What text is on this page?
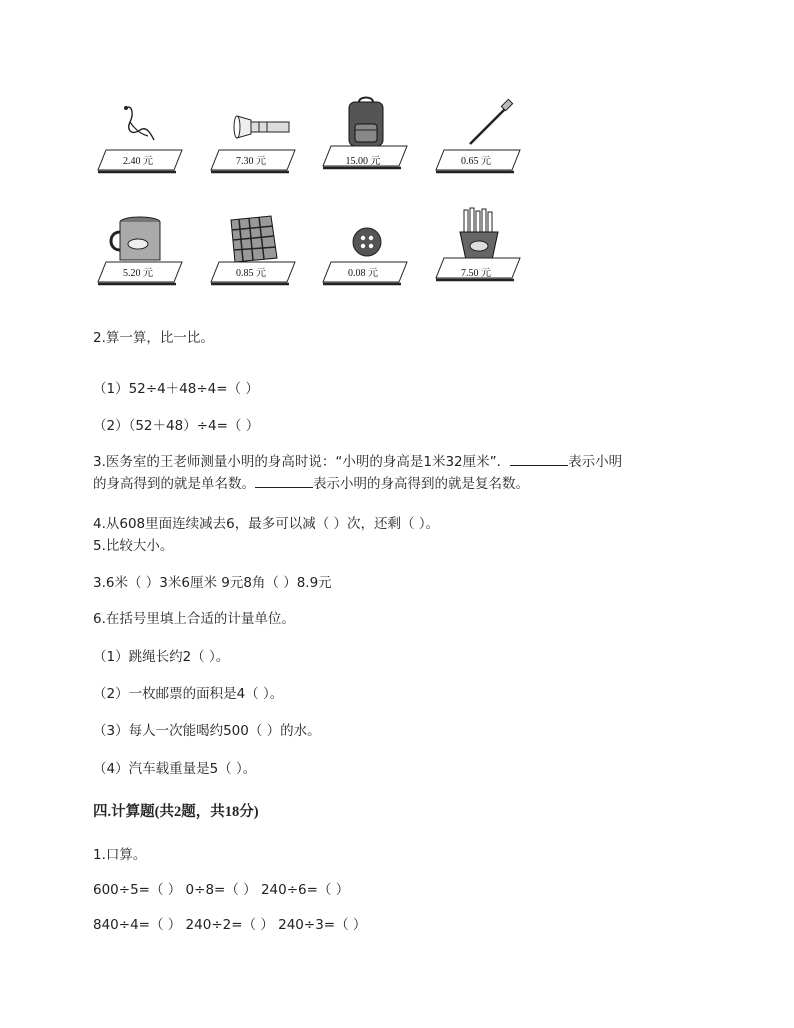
2.40 元	7.30 元	15.00 元	0.65 元
5.20 元	0.85 元	0.08 元	7.50 元
2.算一算，比一比。
（1）52÷4＋48÷4=（ ）
（2）（52＋48）÷4=（ ）
3.医务室的王老师测量小明的身高时说：“小明的身高是1米32厘米”．	表示小明
的身高得到的就是单名数。	表示小明的身高得到的就是复名数。
4.从608里面连续减去6，最多可以减（ ）次，还剩（ ）。
5.比较大小。
3.6米（ ）3米6厘米 9元8角（ ）8.9元
6.在括号里填上合适的计量单位。
（1）跳绳长约2（ ）。
（2）一枚邮票的面积是4（ ）。
（3）每人一次能喝约500（ ）的水。
（4）汽车载重量是5（ ）。
四.计算题(共2题，共18分)
1.口算。
600÷5=（ ） 0÷8=（ ） 240÷6=（ ）
840÷4=（ ） 240÷2=（ ） 240÷3=（ ）
